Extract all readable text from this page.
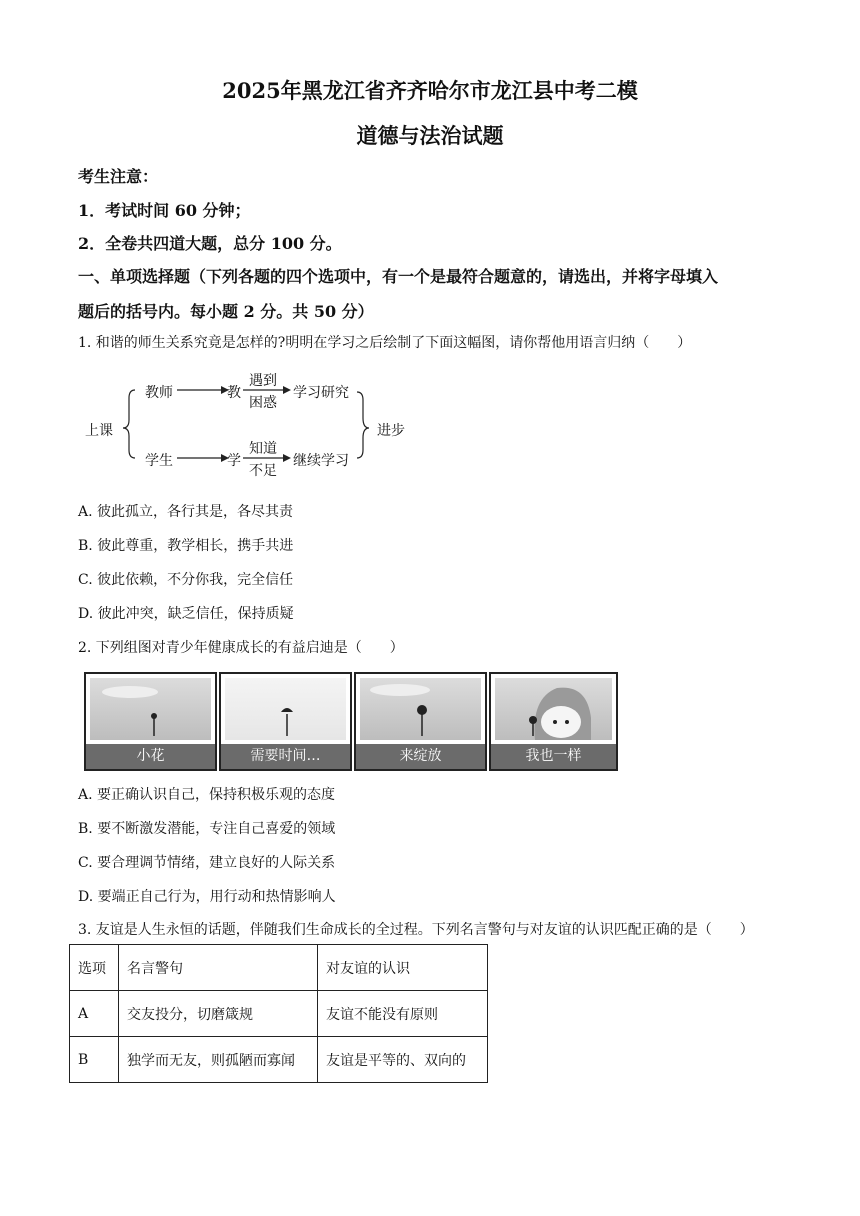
2025年黑龙江省齐齐哈尔市龙江县中考二模
道德与法治试题
考生注意：
1．考试时间 60 分钟；
2．全卷共四道大题，总分 100 分。
一、单项选择题（下列各题的四个选项中，有一个是最符合题意的，请选出，并将字母填入
题后的括号内。每小题 2 分。共 50 分）
1. 和谐的师生关系究竟是怎样的?明明在学习之后绘制了下面这幅图，请你帮他用语言归纳（　　）
上课
教师	教
遇到
困惑
学习研究
学生	学
知道
不足
继续学习
进步
A. 彼此孤立，各行其是，各尽其责
B. 彼此尊重，教学相长，携手共进
C. 彼此依赖，不分你我，完全信任
D. 彼此冲突，缺乏信任，保持质疑
2. 下列组图对青少年健康成长的有益启迪是（　　）
小花	需要时间…	来绽放	我也一样
A. 要正确认识自己，保持积极乐观的态度
B. 要不断激发潜能，专注自己喜爱的领域
C. 要合理调节情绪，建立良好的人际关系
D. 要端正自己行为，用行动和热情影响人
3. 友谊是人生永恒的话题，伴随我们生命成长的全过程。下列名言警句与对友谊的认识匹配正确的是（　　）
选项	名言警句	对友谊的认识
A	交友投分，切磨箴规	友谊不能没有原则
B	独学而无友，则孤陋而寡闻	友谊是平等的、双向的
